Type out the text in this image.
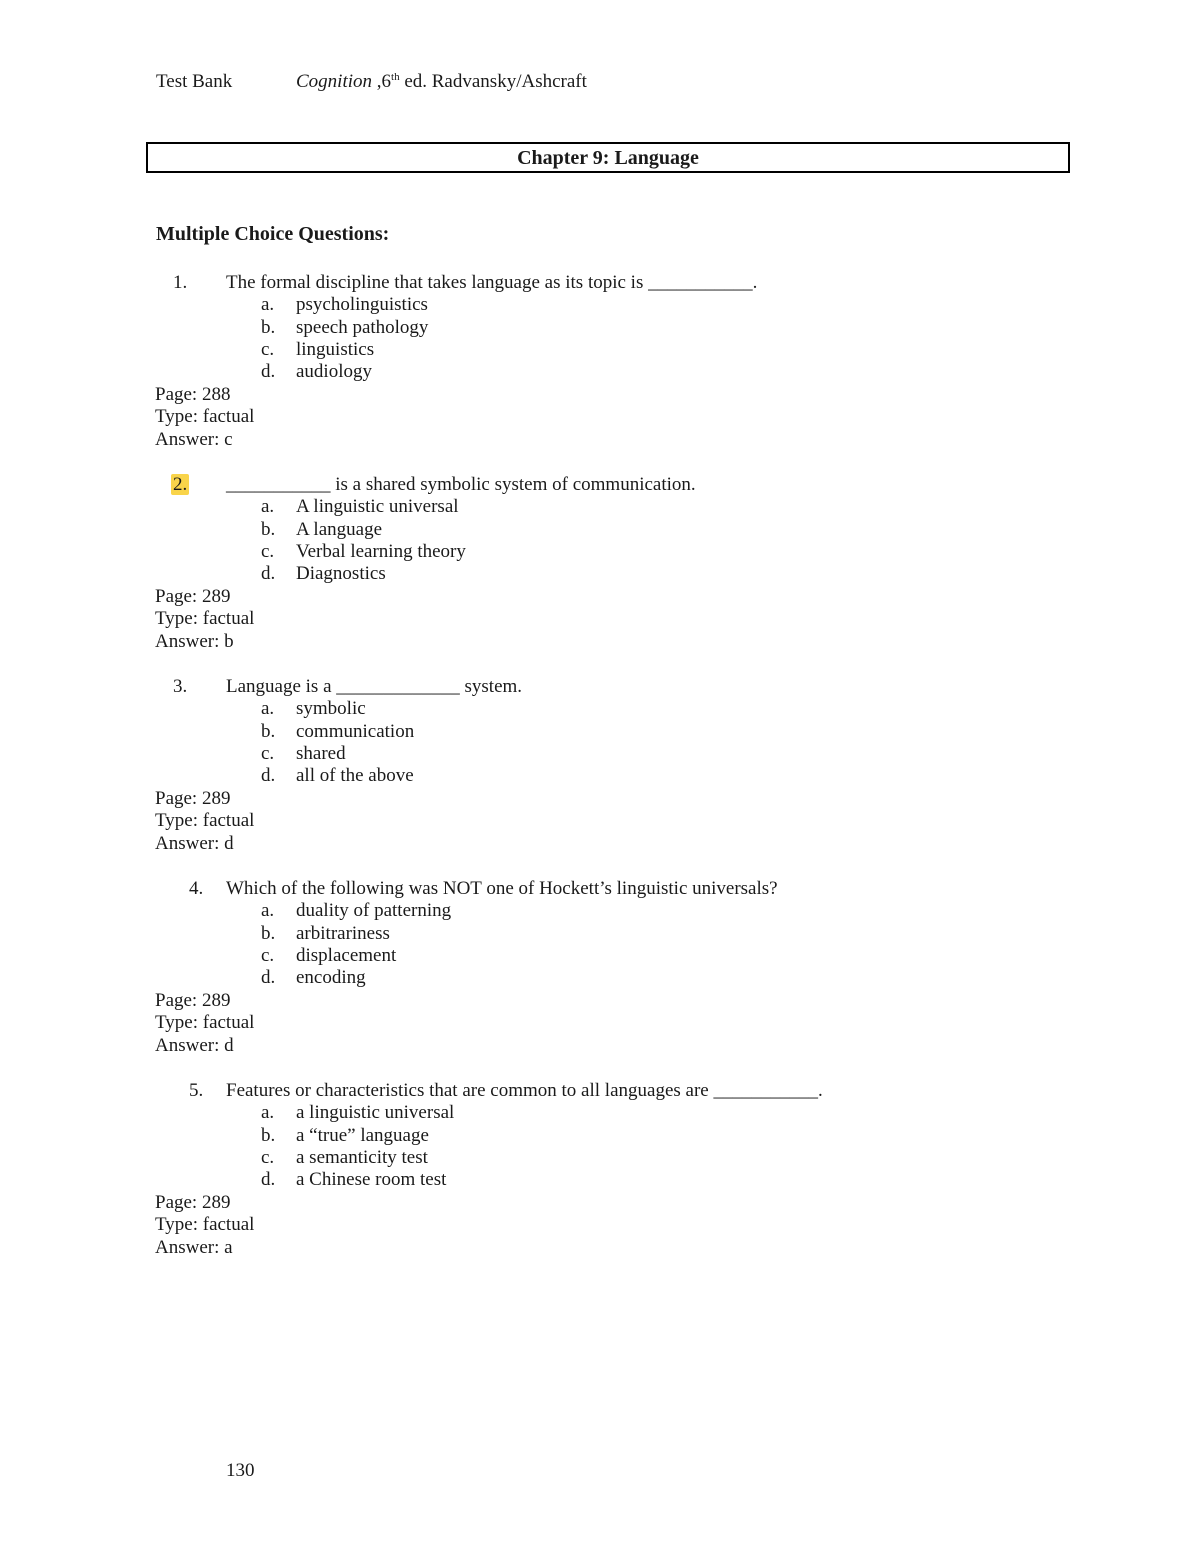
Test Bank	Cognition ,6th ed. Radvansky/Ashcraft
Chapter 9: Language
Multiple Choice Questions:
1. The formal discipline that takes language as its topic is ___________.
a. psycholinguistics
b. speech pathology
c. linguistics
d. audiology
Page: 288
Type: factual
Answer: c
2. ___________ is a shared symbolic system of communication.
a. A linguistic universal
b. A language
c. Verbal learning theory
d. Diagnostics
Page: 289
Type: factual
Answer: b
3. Language is a _____________ system.
a. symbolic
b. communication
c. shared
d. all of the above
Page: 289
Type: factual
Answer: d
4. Which of the following was NOT one of Hockett’s linguistic universals?
a. duality of patterning
b. arbitrariness
c. displacement
d. encoding
Page: 289
Type: factual
Answer: d
5. Features or characteristics that are common to all languages are ___________.
a. a linguistic universal
b. a “true” language
c. a semanticity test
d. a Chinese room test
Page: 289
Type: factual
Answer: a
130
